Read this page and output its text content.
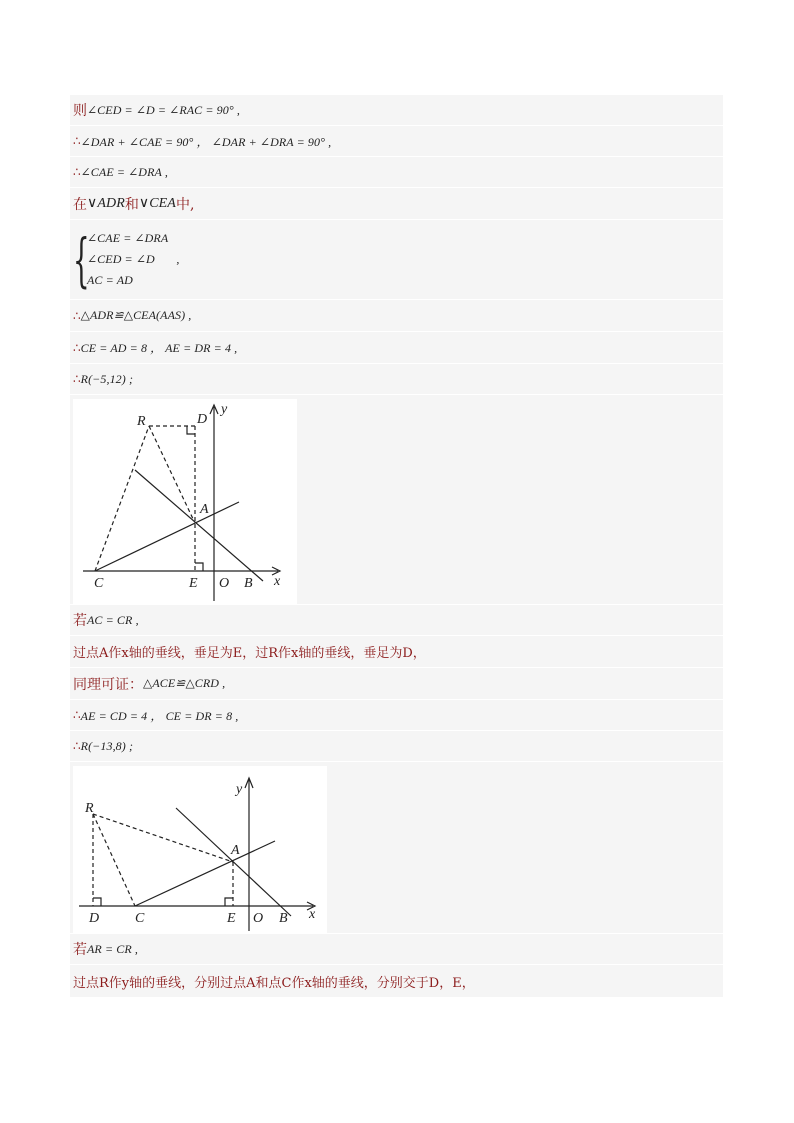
则 ∠CED = ∠D = ∠RAC = 90° ,
∴ ∠DAR + ∠CAE = 90° ， ∠DAR + ∠DRA = 90° ,
∴ ∠CAE = ∠DRA ,
在 ∨ADR 和 ∨CEA 中,
{
∠CAE = ∠DRA
∠CED = ∠D
AC = AD
,
∴ △ADR≌△CEA(AAS) ,
∴ CE = AD = 8 ， AE = DR = 4 ,
∴ R(−5,12) ;
R	D
y
A
C	E O B x
若 AC = CR ,
过点A作x轴的垂线，垂足为E，过R作x轴的垂线，垂足为D，
同理可证： △ACE≌△CRD ,
∴ AE = CD = 4 ， CE = DR = 8 ,
∴ R(−13,8) ;
y
R
A
D	C	E O B x
若 AR = CR ,
过点R作y轴的垂线，分别过点A和点C作x轴的垂线，分别交于D，E，
